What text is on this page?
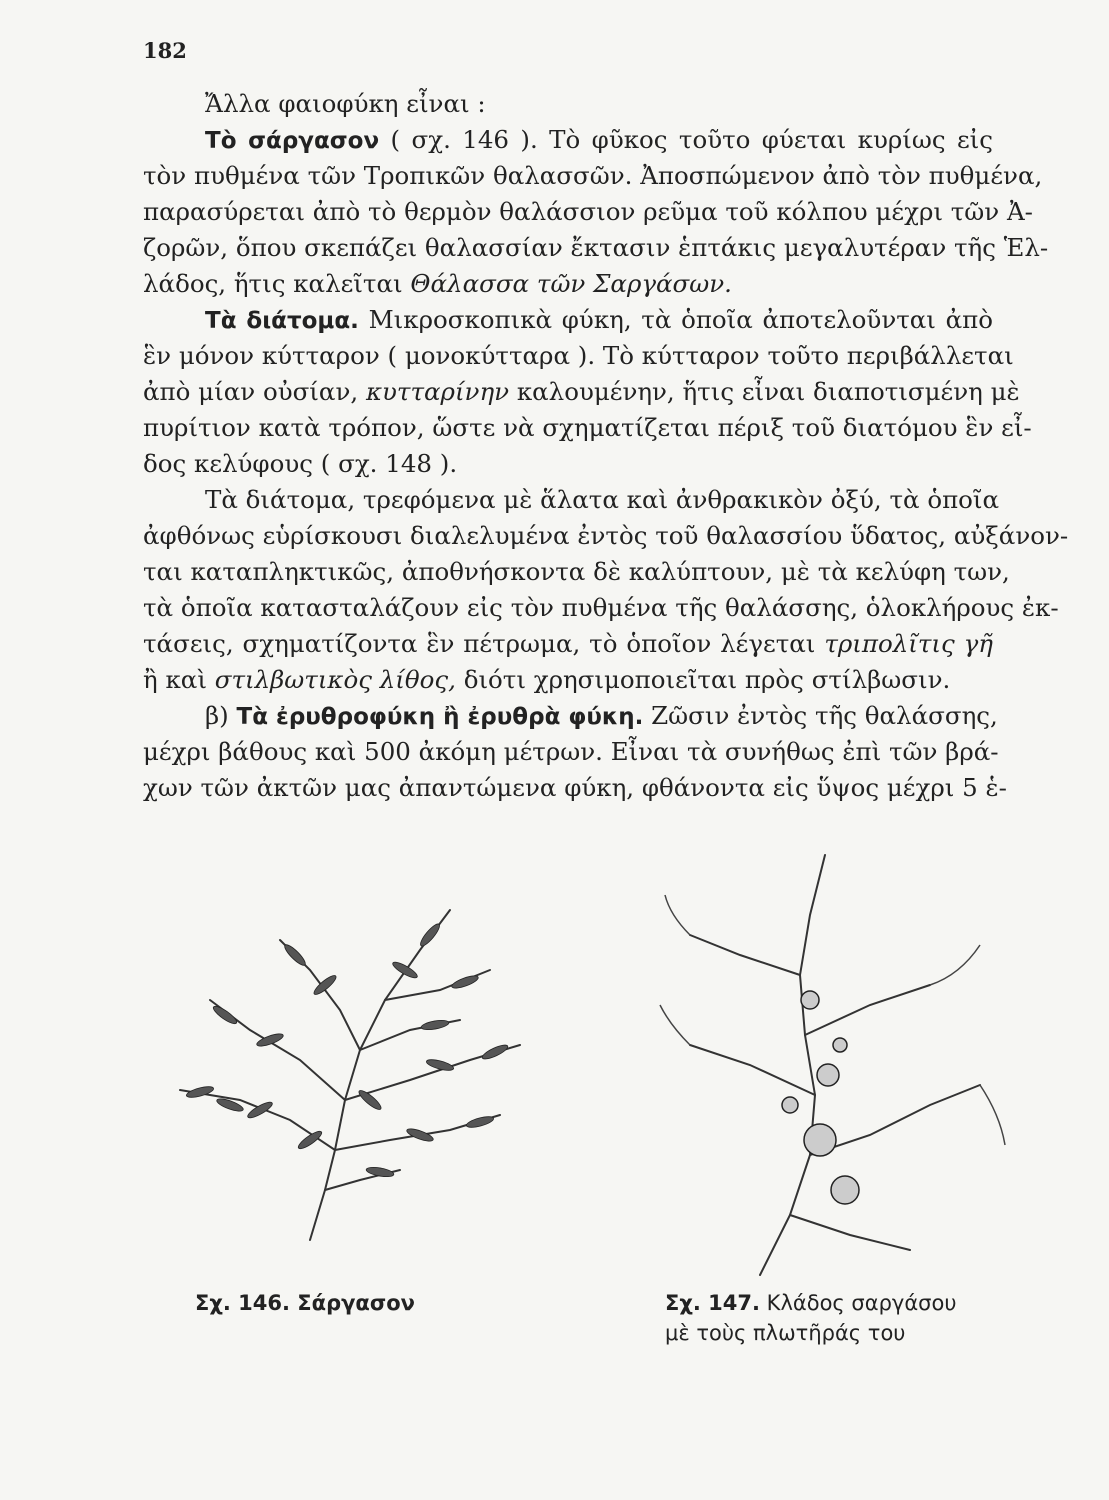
182
Ἄλλα φαιοφύκη εἶναι :
Τὸ σάργασον ( σχ. 146 ). Τὸ φῦκος τοῦτο φύεται κυρίως εἰς
τὸν πυθμένα τῶν Τροπικῶν θαλασσῶν. Ἀποσπώμενον ἀπὸ τὸν πυθμένα,
παρασύρεται ἀπὸ τὸ θερμὸν θαλάσσιον ρεῦμα τοῦ κόλπου μέχρι τῶν Ἀ-
ζορῶν, ὅπου σκεπάζει θαλασσίαν ἔκτασιν ἑπτάκις μεγαλυτέραν τῆς Ἑλ-
λάδος, ἥτις καλεῖται Θάλασσα τῶν Σαργάσων.
Τὰ διάτομα. Μικροσκοπικὰ φύκη, τὰ ὁποῖα ἀποτελοῦνται ἀπὸ
ἓν μόνον κύτταρον ( μονοκύτταρα ). Τὸ κύτταρον τοῦτο περιβάλλεται
ἀπὸ μίαν οὐσίαν, κυτταρίνην καλουμένην, ἥτις εἶναι διαποτισμένη μὲ
πυρίτιον κατὰ τρόπον, ὥστε νὰ σχηματίζεται πέριξ τοῦ διατόμου ἓν εἶ-
δος κελύφους ( σχ. 148 ).
Τὰ διάτομα, τρεφόμενα μὲ ἅλατα καὶ ἀνθρακικὸν ὀξύ, τὰ ὁποῖα
ἀφθόνως εὑρίσκουσι διαλελυμένα ἐντὸς τοῦ θαλασσίου ὕδατος, αὐξάνον-
ται καταπληκτικῶς, ἀποθνήσκοντα δὲ καλύπτουν, μὲ τὰ κελύφη των,
τὰ ὁποῖα κατασταλάζουν εἰς τὸν πυθμένα τῆς θαλάσσης, ὁλοκλήρους ἐκ-
τάσεις, σχηματίζοντα ἓν πέτρωμα, τὸ ὁποῖον λέγεται τριπολῖτις γῆ
ἢ καὶ στιλβωτικὸς λίθος, διότι χρησιμοποιεῖται πρὸς στίλβωσιν.
β) Τὰ ἐρυθροφύκη ἢ ἐρυθρὰ φύκη. Ζῶσιν ἐντὸς τῆς θαλάσσης,
μέχρι βάθους καὶ 500 ἀκόμη μέτρων. Εἶναι τὰ συνήθως ἐπὶ τῶν βρά-
χων τῶν ἀκτῶν μας ἀπαντώμενα φύκη, φθάνοντα εἰς ὕψος μέχρι 5 ἑ-
Σχ. 146. Σάργασον	Σχ. 147. Κλάδος σαργάσου μὲ τοὺς πλωτῆράς του
